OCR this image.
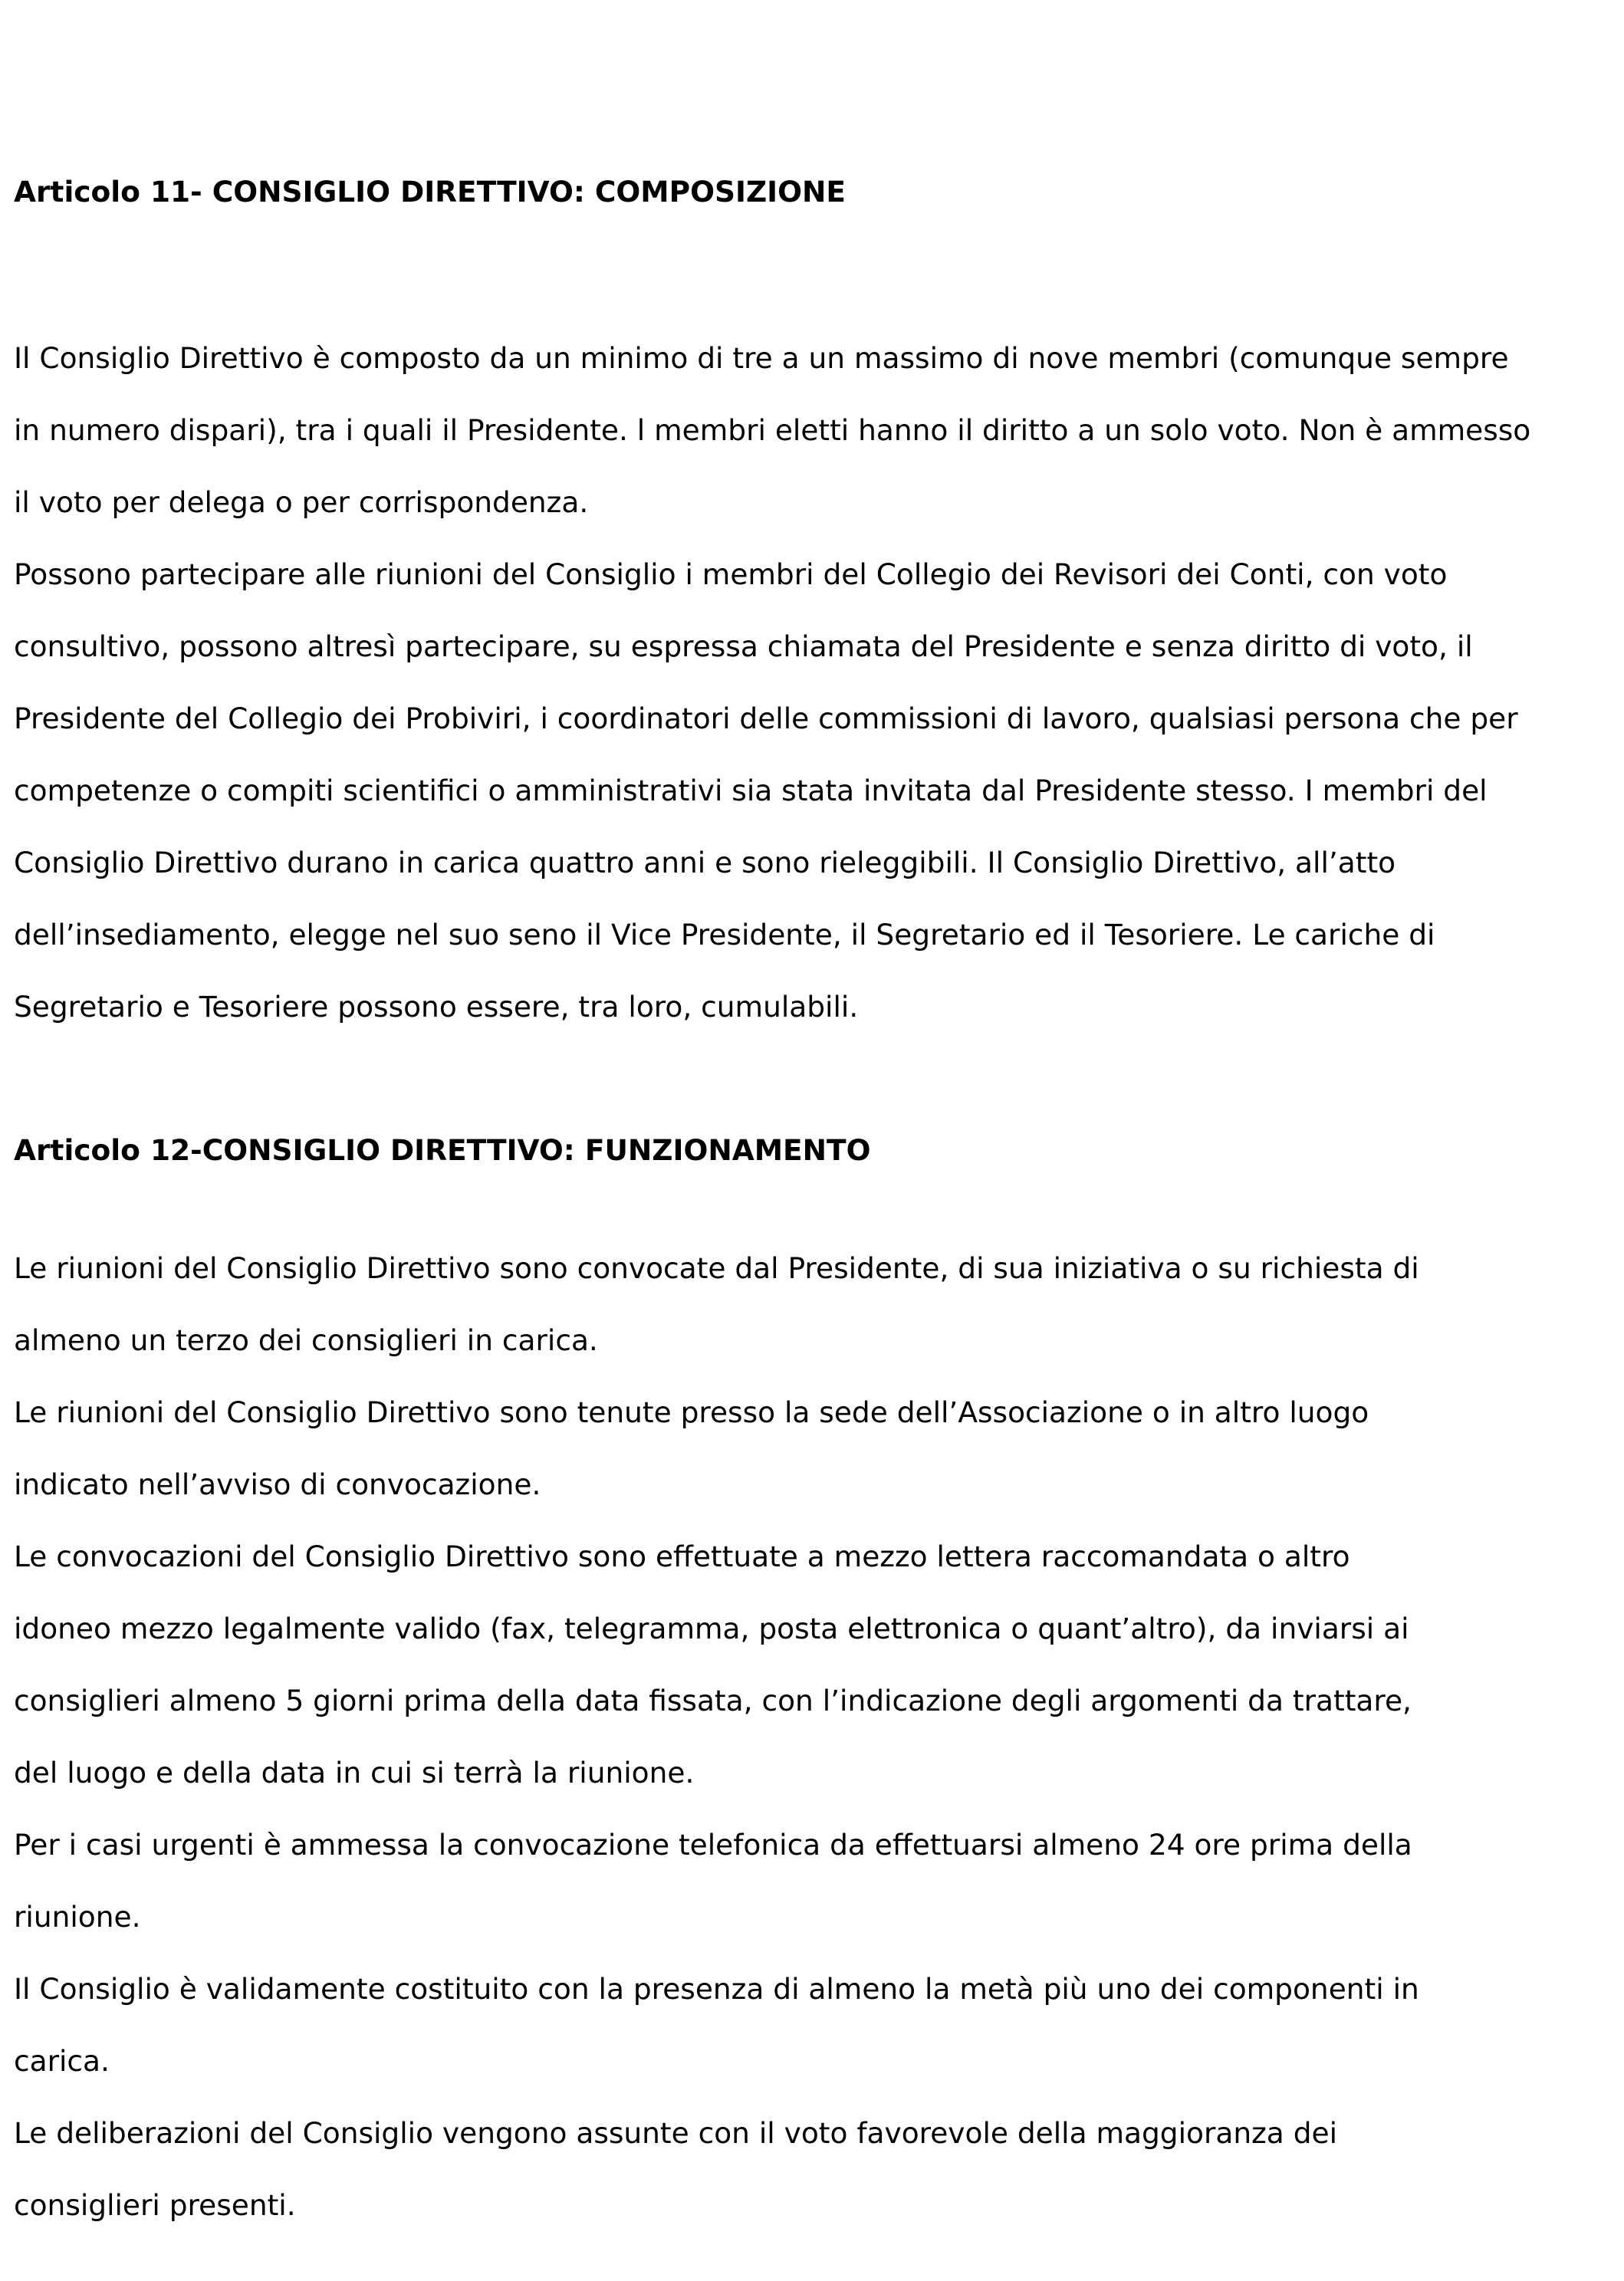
Articolo 11- CONSIGLIO DIRETTIVO: COMPOSIZIONE
Il Consiglio Direttivo è composto da un minimo di tre a un massimo di nove membri (comunque sempre
in numero dispari), tra i quali il Presidente. l membri eletti hanno il diritto a un solo voto. Non è ammesso
il voto per delega o per corrispondenza.
Possono partecipare alle riunioni del Consiglio i membri del Collegio dei Revisori dei Conti, con voto
consultivo, possono altresì partecipare, su espressa chiamata del Presidente e senza diritto di voto, il
Presidente del Collegio dei Probiviri, i coordinatori delle commissioni di lavoro, qualsiasi persona che per
competenze o compiti scientifici o amministrativi sia stata invitata dal Presidente stesso. I membri del
Consiglio Direttivo durano in carica quattro anni e sono rieleggibili. Il Consiglio Direttivo, all’atto
dell’insediamento, elegge nel suo seno il Vice Presidente, il Segretario ed il Tesoriere. Le cariche di
Segretario e Tesoriere possono essere, tra loro, cumulabili.
Articolo 12-CONSIGLIO DIRETTIVO: FUNZIONAMENTO
Le riunioni del Consiglio Direttivo sono convocate dal Presidente, di sua iniziativa o su richiesta di
almeno un terzo dei consiglieri in carica.
Le riunioni del Consiglio Direttivo sono tenute presso la sede dell’Associazione o in altro luogo
indicato nell’avviso di convocazione.
Le convocazioni del Consiglio Direttivo sono effettuate a mezzo lettera raccomandata o altro
idoneo mezzo legalmente valido (fax, telegramma, posta elettronica o quant’altro), da inviarsi ai
consiglieri almeno 5 giorni prima della data fissata, con l’indicazione degli argomenti da trattare,
del luogo e della data in cui si terrà la riunione.
Per i casi urgenti è ammessa la convocazione telefonica da effettuarsi almeno 24 ore prima della
riunione.
Il Consiglio è validamente costituito con la presenza di almeno la metà più uno dei componenti in
carica.
Le deliberazioni del Consiglio vengono assunte con il voto favorevole della maggioranza dei
consiglieri presenti.
